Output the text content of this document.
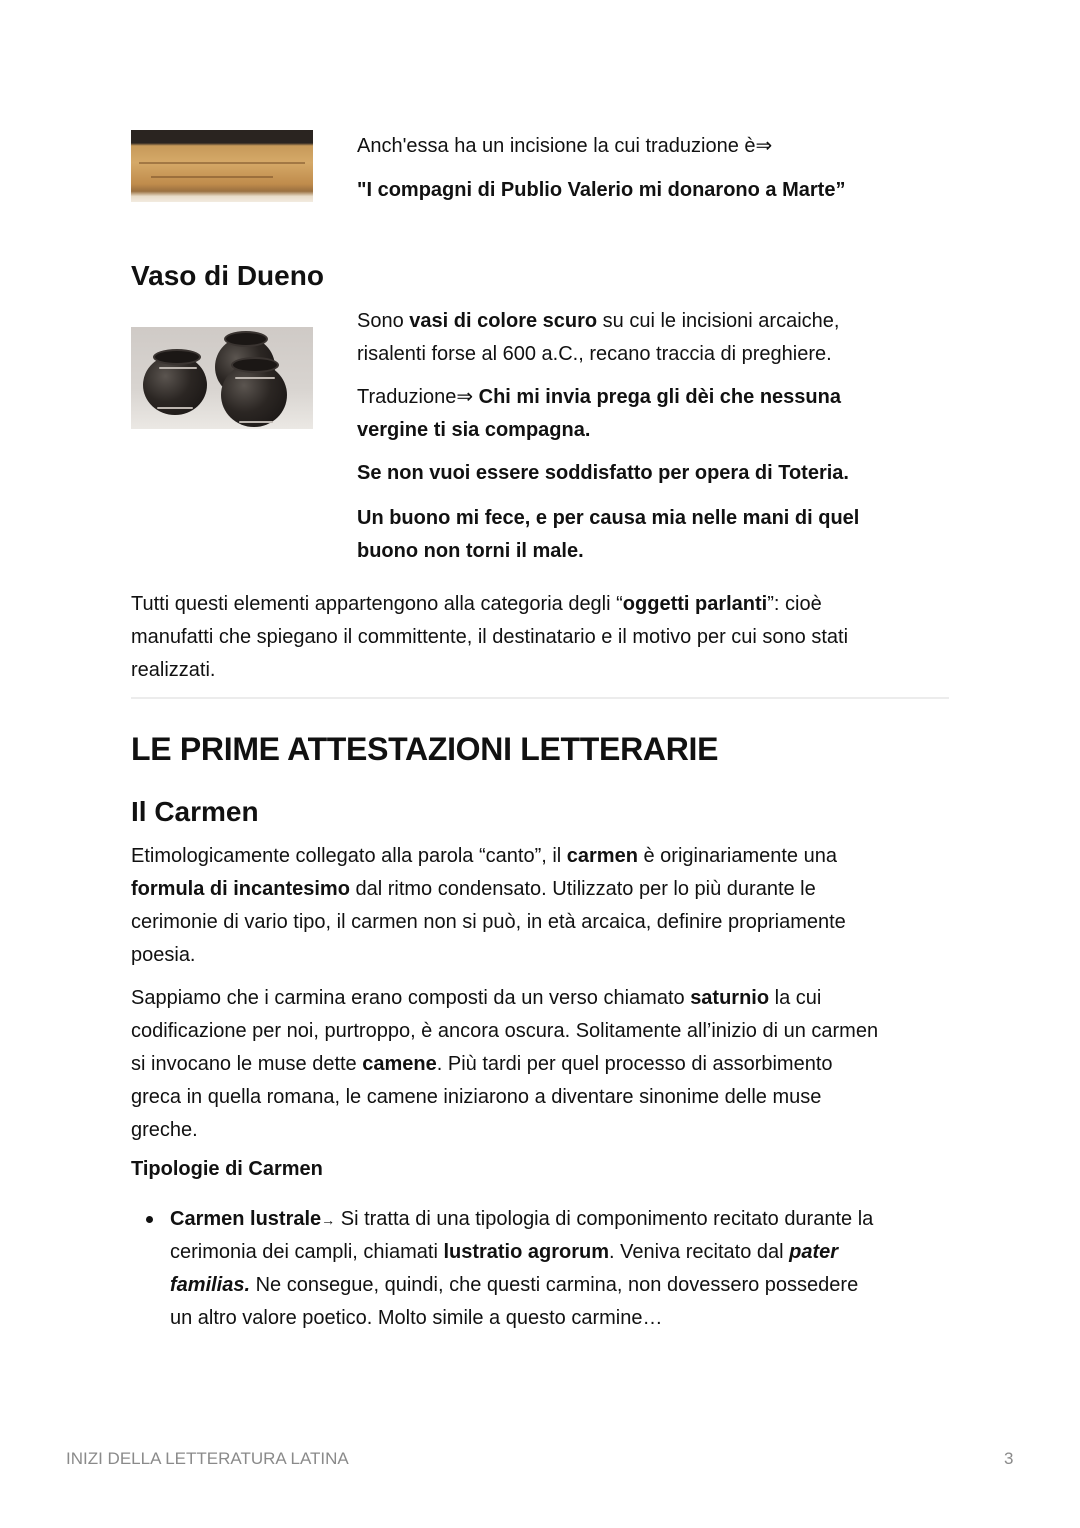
Anch'essa ha un incisione la cui traduzione è⇒

"I compagni di Publio Valerio mi donarono a Marte”

Vaso di Dueno

Sono vasi di colore scuro su cui le incisioni arcaiche,

risalenti forse al 600 a.C., recano traccia di preghiere.

Traduzione⇒ Chi mi invia prega gli dèi che nessuna

vergine ti sia compagna.

Se non vuoi essere soddisfatto per opera di Toteria.

Un buono mi fece, e per causa mia nelle mani di quel

buono non torni il male.

Tutti questi elementi appartengono alla categoria degli “oggetti parlanti”: cioè

manufatti che spiegano il committente, il destinatario e il motivo per cui sono stati

realizzati.

LE PRIME ATTESTAZIONI LETTERARIE
Il Carmen

Etimologicamente collegato alla parola “canto”, il carmen è originariamente una

formula di incantesimo dal ritmo condensato. Utilizzato per lo più durante le

cerimonie di vario tipo, il carmen non si può, in età arcaica, definire propriamente

poesia.

Sappiamo che i carmina erano composti da un verso chiamato saturnio la cui

codificazione per noi, purtroppo, è ancora oscura. Solitamente all’inizio di un carmen

si invocano le muse dette camene. Più tardi per quel processo di assorbimento

greca in quella romana, le camene iniziarono a diventare sinonime delle muse

greche.

Tipologie di Carmen

Carmen lustrale→ Si tratta di una tipologia di componimento recitato durante la

cerimonia dei campli, chiamati lustratio agrorum. Veniva recitato dal pater

familias. Ne consegue, quindi, che questi carmina, non dovessero possedere

un altro valore poetico. Molto simile a questo carmine…

INIZI DELLA LETTERATURA LATINA	3
